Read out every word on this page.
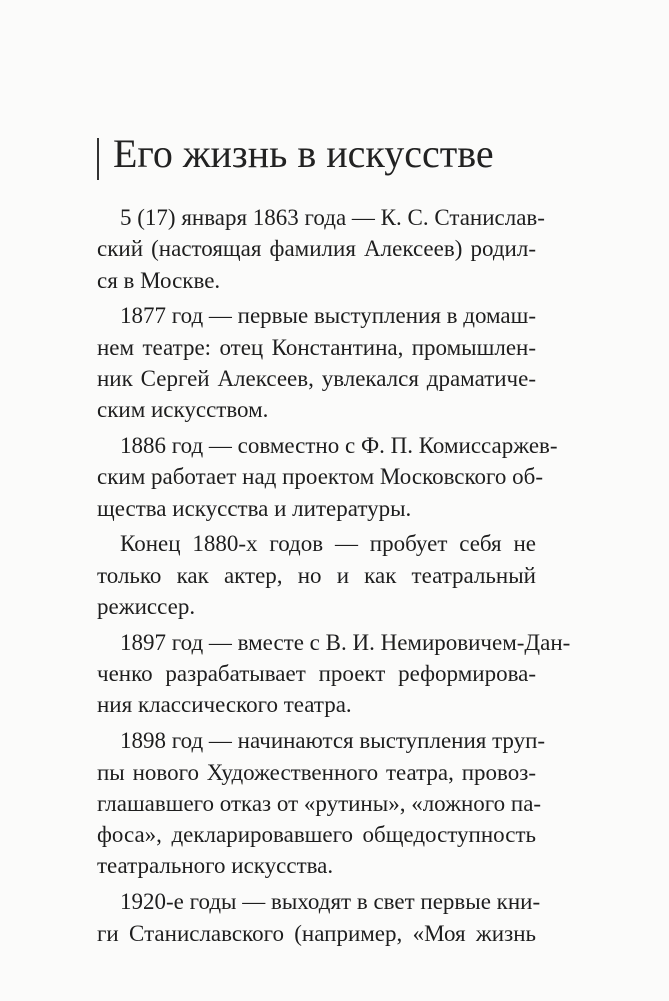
Его жизнь в искусстве

5 (17) января 1863 года — К. С. Станислав-
ский (настоящая фамилия Алексеев) родил-
ся в Москве.

1877 год — первые выступления в домаш-
нем театре: отец Константина, промышлен-
ник Сергей Алексеев, увлекался драматиче-
ским искусством.

1886 год — совместно с Ф. П. Комиссаржев-
ским работает над проектом Московского об-
щества искусства и литературы.

Конец 1880-х годов — пробует себя не
только как актер, но и как театральный
режиссер.

1897 год — вместе с В. И. Немировичем-Дан-
ченко разрабатывает проект реформирова-
ния классического театра.

1898 год — начинаются выступления труп-
пы нового Художественного театра, провоз-
глашавшего отказ от «рутины», «ложного па-
фоса», декларировавшего общедоступность
театрального искусства.

1920-е годы — выходят в свет первые кни-
ги Станиславского (например, «Моя жизнь
